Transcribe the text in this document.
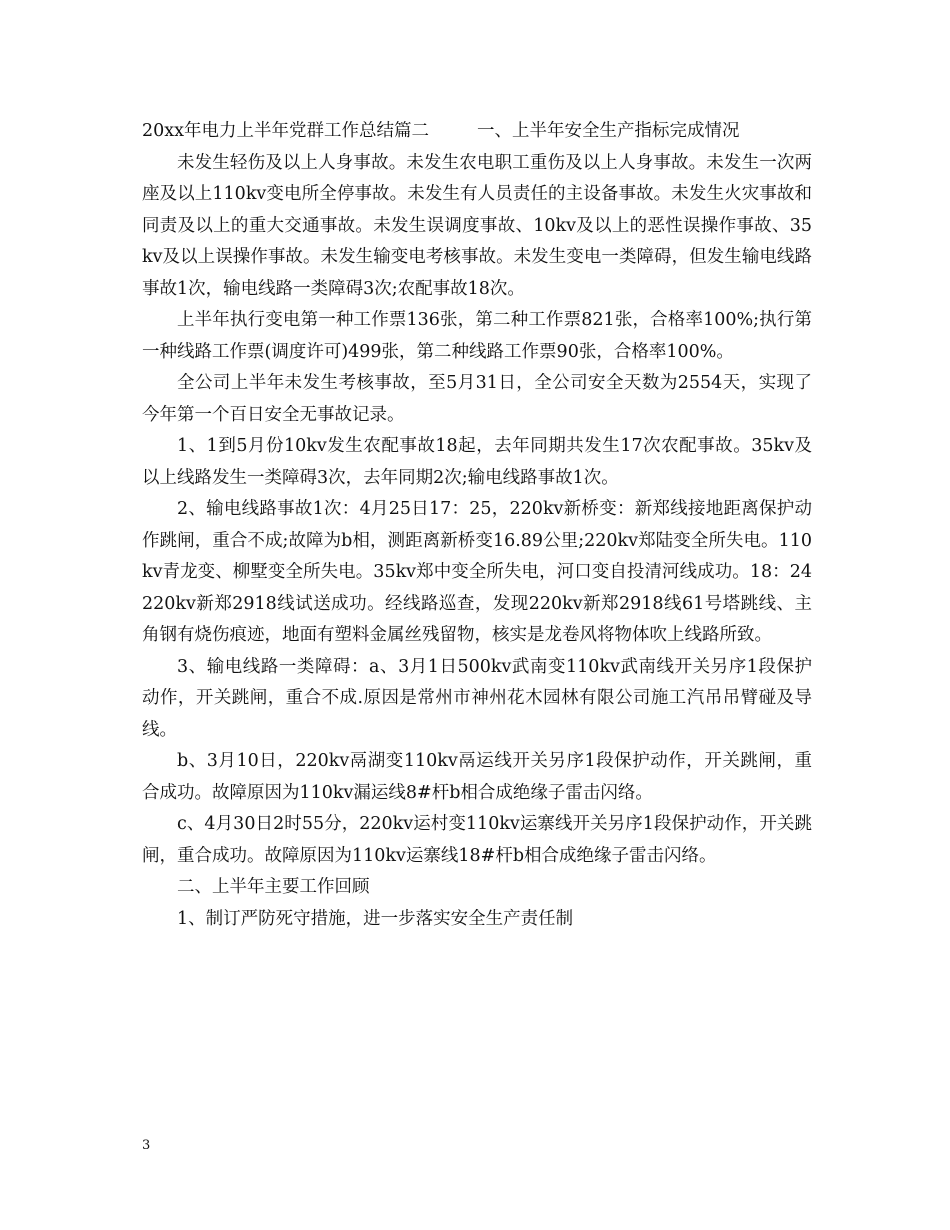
20xx年电力上半年党群工作总结篇二	一、上半年安全生产指标完成情况

未发生轻伤及以上人身事故。未发生农电职工重伤及以上人身事故。未发生一次两座及以上110kv变电所全停事故。未发生有人员责任的主设备事故。未发生火灾事故和同责及以上的重大交通事故。未发生误调度事故、10kv及以上的恶性误操作事故、35kv及以上误操作事故。未发生输变电考核事故。未发生变电一类障碍，但发生输电线路事故1次，输电线路一类障碍3次;农配事故18次。

上半年执行变电第一种工作票136张，第二种工作票821张，合格率100%;执行第一种线路工作票(调度许可)499张，第二种线路工作票90张，合格率100%。

全公司上半年未发生考核事故，至5月31日，全公司安全天数为2554天，实现了今年第一个百日安全无事故记录。

1、1到5月份10kv发生农配事故18起，去年同期共发生17次农配事故。35kv及以上线路发生一类障碍3次，去年同期2次;输电线路事故1次。

2、输电线路事故1次：4月25日17：25，220kv新桥变：新郑线接地距离保护动作跳闸，重合不成;故障为b相，测距离新桥变16.89公里;220kv郑陆变全所失电。110kv青龙变、柳墅变全所失电。35kv郑中变全所失电，河口变自投清河线成功。18：24220kv新郑2918线试送成功。经线路巡查，发现220kv新郑2918线61号塔跳线、主角钢有烧伤痕迹，地面有塑料金属丝残留物，核实是龙卷风将物体吹上线路所致。

3、输电线路一类障碍：a、3月1日500kv武南变110kv武南线开关另序1段保护动作，开关跳闸，重合不成.原因是常州市神州花木园林有限公司施工汽吊吊臂碰及导线。

b、3月10日，220kv鬲湖变110kv鬲运线开关另序1段保护动作，开关跳闸，重合成功。故障原因为110kv漏运线8#杆b相合成绝缘子雷击闪络。

c、4月30日2时55分，220kv运村变110kv运寨线开关另序1段保护动作，开关跳闸，重合成功。故障原因为110kv运寨线18#杆b相合成绝缘子雷击闪络。

二、上半年主要工作回顾

1、制订严防死守措施，进一步落实安全生产责任制

3
